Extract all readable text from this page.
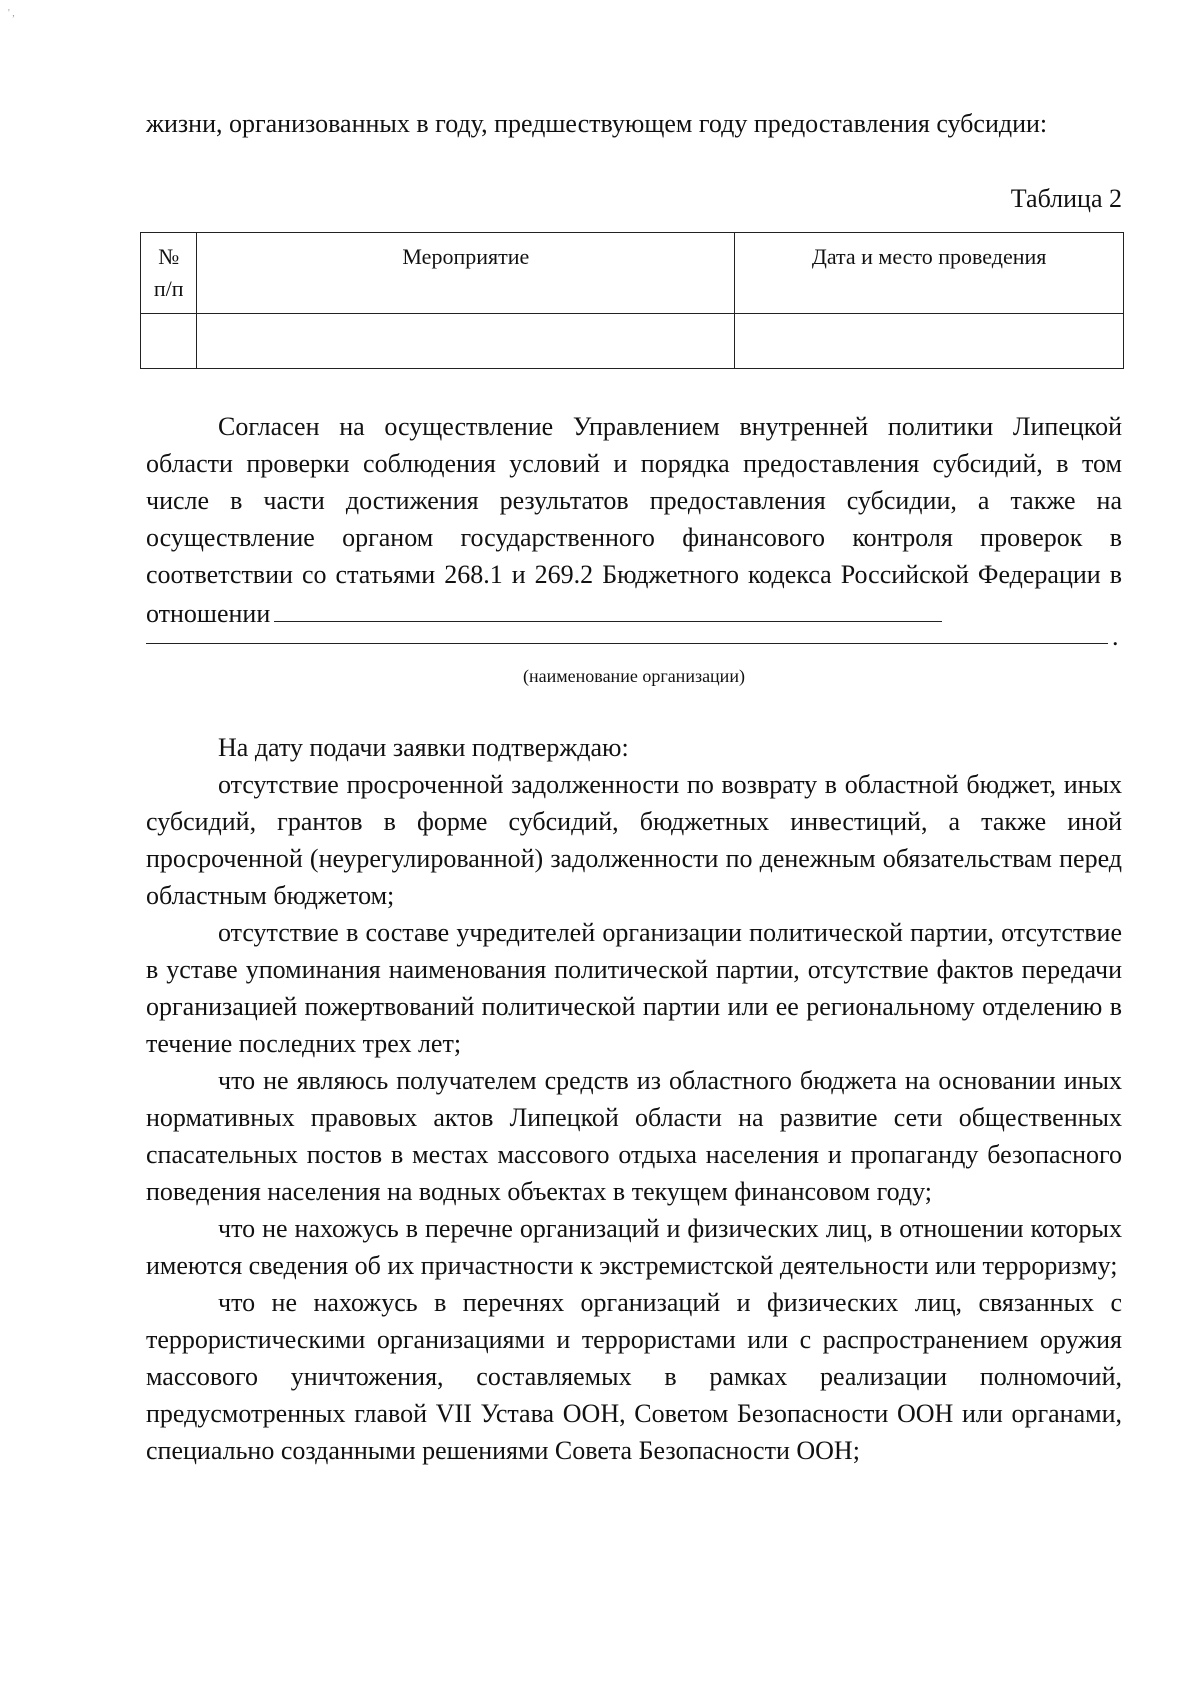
' ,

жизни, организованных в году, предшествующем году предоставления субсидии:

Таблица 2
№ п/п	Мероприятие	Дата и место проведения

Согласен на осуществление Управлением внутренней политики Липецкой области проверки соблюдения условий и порядка предоставления субсидий, в том числе в части достижения результатов предоставления субсидии, а также на осуществление органом государственного финансового контроля проверок в соответствии со статьями 268.1 и 269.2 Бюджетного кодекса Российской Федерации в отношении

.
(наименование организации)

На дату подачи заявки подтверждаю:

отсутствие просроченной задолженности по возврату в областной бюджет, иных субсидий, грантов в форме субсидий, бюджетных инвестиций, а также иной просроченной (неурегулированной) задолженности по денежным обязательствам перед областным бюджетом;

отсутствие в составе учредителей организации политической партии, отсутствие в уставе упоминания наименования политической партии, отсутствие фактов передачи организацией пожертвований политической партии или ее региональному отделению в течение последних трех лет;

что не являюсь получателем средств из областного бюджета на основании иных нормативных правовых актов Липецкой области на развитие сети общественных спасательных постов в местах массового отдыха населения и пропаганду безопасного поведения населения на водных объектах в текущем финансовом году;

что не нахожусь в перечне организаций и физических лиц, в отношении которых имеются сведения об их причастности к экстремистской деятельности или терроризму;

что не нахожусь в перечнях организаций и физических лиц, связанных с террористическими организациями и террористами или с распространением оружия массового уничтожения, составляемых в рамках реализации полномочий, предусмотренных главой VII Устава ООН, Советом Безопасности ООН или органами, специально созданными решениями Совета Безопасности ООН;
